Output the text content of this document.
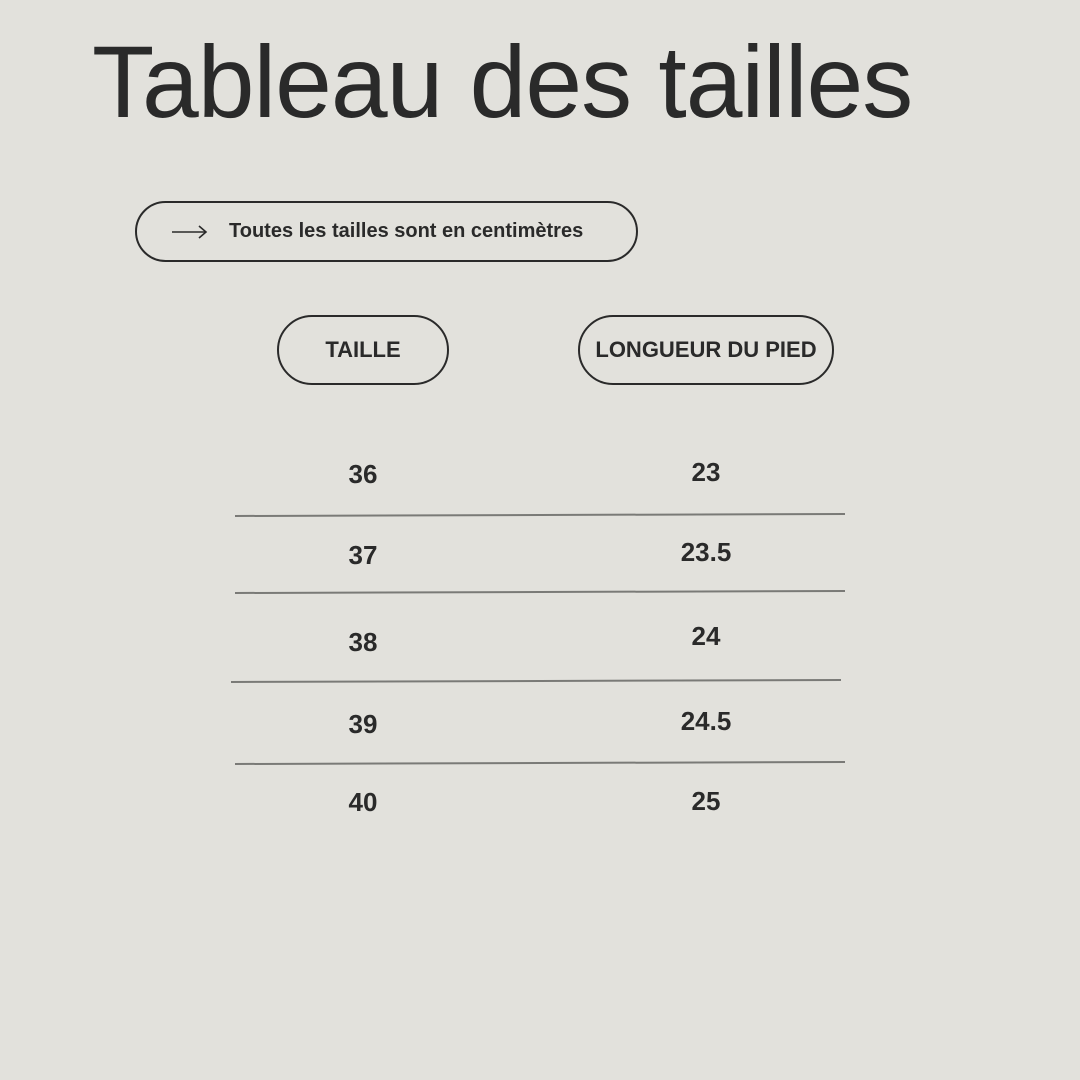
Tableau des tailles
Toutes les tailles sont en centimètres
TAILLE	LONGUEUR DU PIED
36	23
37	23.5
38	24
39	24.5
40	25
